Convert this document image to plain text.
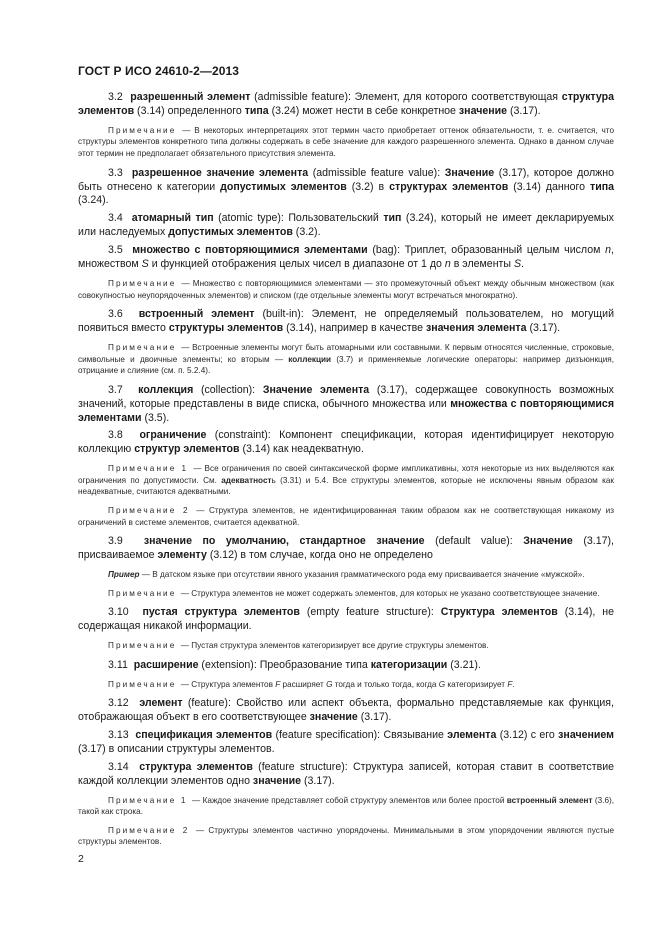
ГОСТ Р ИСО 24610-2—2013

3.2  разрешенный элемент (admissible feature): Элемент, для которого соответствующая структура элементов (3.14) определенного типа (3.24) может нести в себе конкретное значение (3.17).

Примечание — В некоторых интерпретациях этот термин часто приобретает оттенок обязательности, т. е. считается, что структуры элементов конкретного типа должны содержать в себе значение для каждого разрешенного элемента. Однако в данном случае этот термин не предполагает обязательного присутствия элемента.

3.3  разрешенное значение элемента (admissible feature value): Значение (3.17), которое должно быть отнесено к категории допустимых элементов (3.2) в структурах элементов (3.14) данного типа (3.24).

3.4  атомарный тип (atomic type): Пользовательский тип (3.24), который не имеет декларируемых или наследуемых допустимых элементов (3.2).

3.5  множество с повторяющимися элементами (bag): Триплет, образованный целым числом n, множеством S и функцией отображения целых чисел в диапазоне от 1 до n в элементы S.

Примечание — Множество с повторяющимися элементами — это промежуточный объект между обычным множеством (как совокупностью неупорядоченных элементов) и списком (где отдельные элементы могут встречаться многократно).

3.6  встроенный элемент (built-in): Элемент, не определяемый пользователем, но могущий появиться вместо структуры элементов (3.14), например в качестве значения элемента (3.17).

Примечание — Встроенные элементы могут быть атомарными или составными. К первым относятся численные, строковые, символьные и двоичные элементы; ко вторым — коллекции (3.7) и применяемые логические операторы: например дизъюнкция, отрицание и слияние (см. п. 5.2.4).

3.7  коллекция (collection): Значение элемента (3.17), содержащее совокупность возможных значений, которые представлены в виде списка, обычного множества или множества с повторяющимися элементами (3.5).

3.8  ограничение (constraint): Компонент спецификации, которая идентифицирует некоторую коллекцию структур элементов (3.14) как неадекватную.

Примечание 1 — Все ограничения по своей синтаксической форме импликативны, хотя некоторые из них выделяются как ограничения по допустимости. См. адекватность (3.31) и 5.4. Все структуры элементов, которые не исключены явным образом как неадекватные, считаются адекватными.

Примечание 2 — Структура элементов, не идентифицированная таким образом как не соответствующая никакому из ограничений в системе элементов, считается адекватной.

3.9  значение по умолчанию, стандартное значение (default value): Значение (3.17), присваиваемое элементу (3.12) в том случае, когда оно не определено

Пример — В датском языке при отсутствии явного указания грамматического рода ему присваивается значение «мужской».

Примечание — Структура элементов не может содержать элементов, для которых не указано соответствующее значение.

3.10  пустая структура элементов (empty feature structure): Структура элементов (3.14), не содержащая никакой информации.

Примечание — Пустая структура элементов категоризирует все другие структуры элементов.

3.11  расширение (extension): Преобразование типа категоризации (3.21).

Примечание — Структура элементов F расширяет G тогда и только тогда, когда G категоризирует F.

3.12  элемент (feature): Свойство или аспект объекта, формально представляемые как функция, отображающая объект в его соответствующее значение (3.17).

3.13  спецификация элементов (feature specification): Связывание элемента (3.12) с его значением (3.17) в описании структуры элементов.

3.14  структура элементов (feature structure): Структура записей, которая ставит в соответствие каждой коллекции элементов одно значение (3.17).

Примечание 1 — Каждое значение представляет собой структуру элементов или более простой встроенный элемент (3.6), такой как строка.

Примечание 2 — Структуры элементов частично упорядочены. Минимальными в этом упорядочении являются пустые структуры элементов.

2
